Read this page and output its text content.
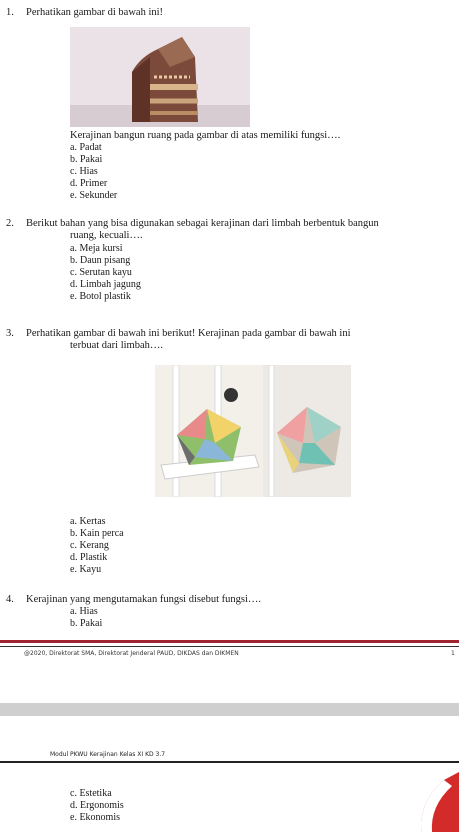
1. Perhatikan gambar di bawah ini!
Kerajinan bangun ruang pada gambar di atas memiliki fungsi….
a. Padat
b. Pakai
c. Hias
d. Primer
e. Sekunder
2. Berikut bahan yang bisa digunakan sebagai kerajinan dari limbah berbentuk bangun
ruang, kecuali….
a. Meja kursi
b. Daun pisang
c. Serutan kayu
d. Limbah jagung
e. Botol plastik
3. Perhatikan gambar di bawah ini berikut! Kerajinan pada gambar di bawah ini
terbuat dari limbah….
a. Kertas
b. Kain perca
c. Kerang
d. Plastik
e. Kayu
4. Kerajinan yang mengutamakan fungsi disebut fungsi….
a. Hias
b. Pakai
@2020, Direktorat SMA, Direktorat Jenderal PAUD, DIKDAS dan DIKMEN	1
Modul PKWU Kerajinan Kelas XI KD 3.7
c. Estetika
d. Ergonomis
e. Ekonomis
